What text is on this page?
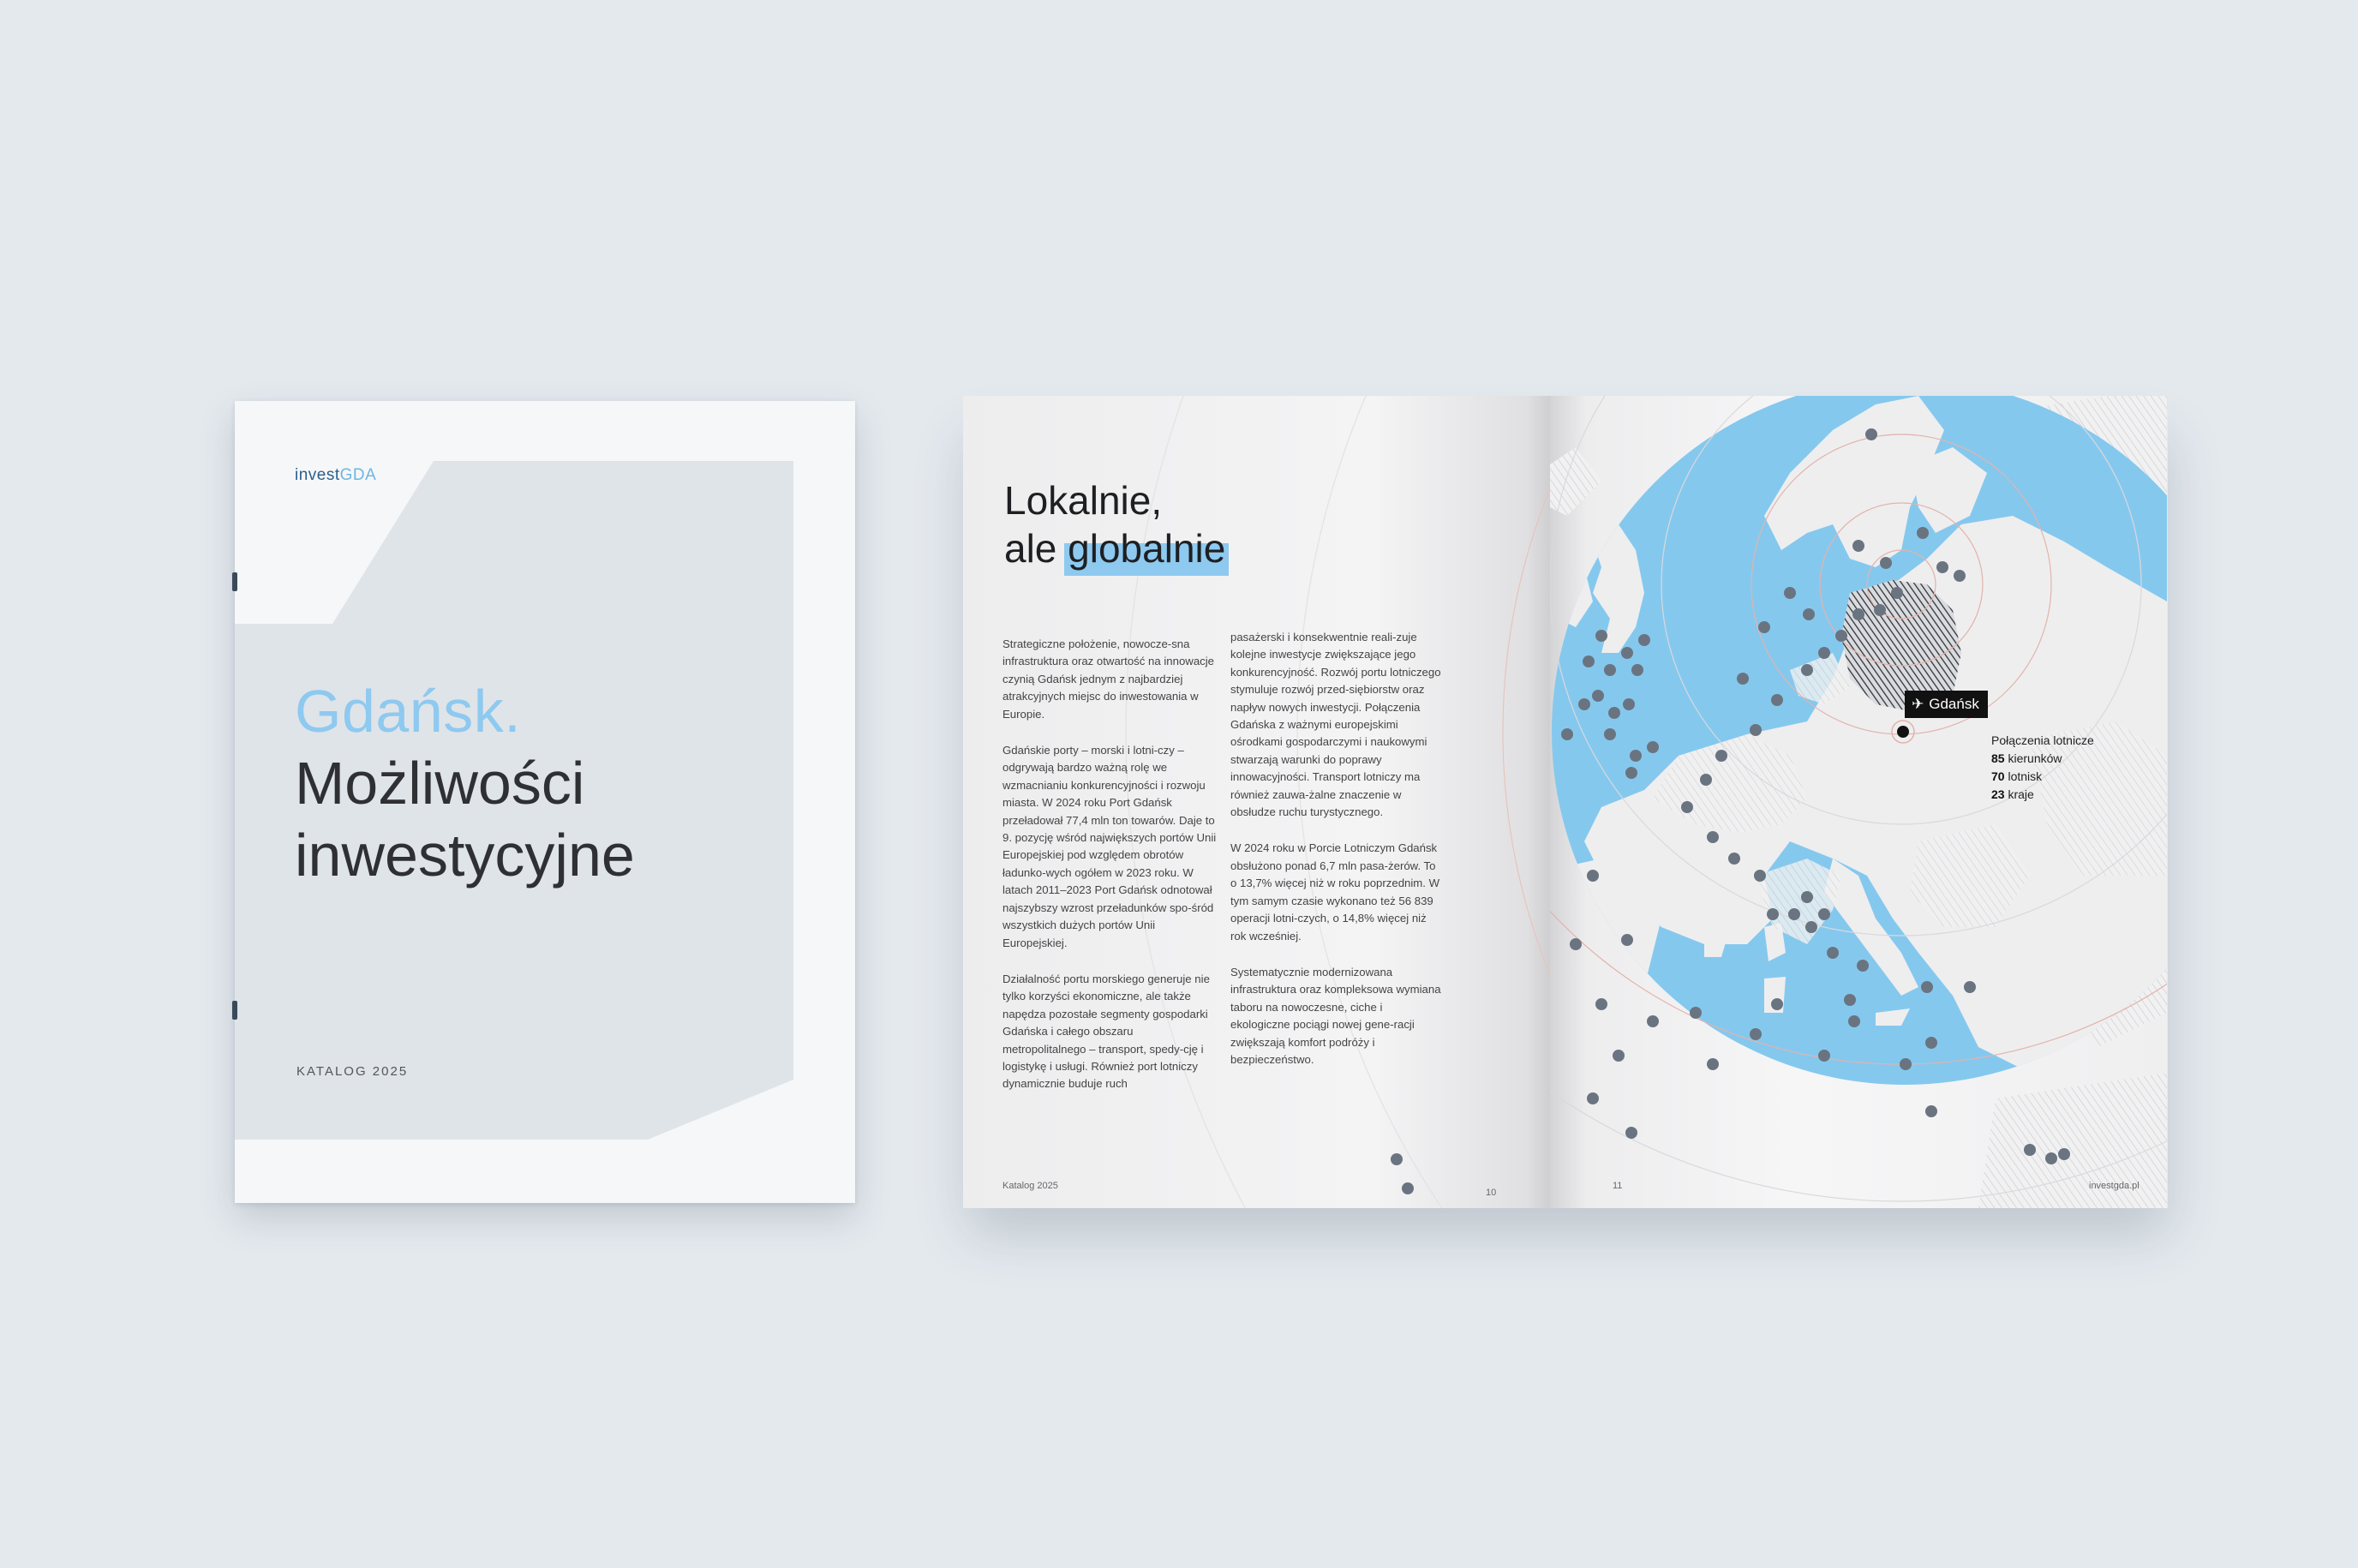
investGDA
Gdańsk.
Możliwości
inwestycyjne
KATALOG 2025
Lokalnie,
ale globalnie

Strategiczne położenie, nowocze-sna infrastruktura oraz otwartość na innowacje czynią Gdańsk jednym z najbardziej atrakcyjnych miejsc do inwestowania w Europie.

Gdańskie porty – morski i lotni-czy – odgrywają bardzo ważną rolę we wzmacnianiu konkurencyjności i rozwoju miasta. W 2024 roku Port Gdańsk przeładował 77,4 mln ton towarów. Daje to 9. pozycję wśród największych portów Unii Europejskiej pod względem obrotów ładunko-wych ogółem w 2023 roku. W latach 2011–2023 Port Gdańsk odnotował najszybszy wzrost przeładunków spo-śród wszystkich dużych portów Unii Europejskiej.

Działalność portu morskiego generuje nie tylko korzyści ekonomiczne, ale także napędza pozostałe segmenty gospodarki Gdańska i całego obszaru metropolitalnego – transport, spedy-cję i logistykę i usługi. Również port lotniczy dynamicznie buduje ruch

pasażerski i konsekwentnie reali-zuje kolejne inwestycje zwiększające jego konkurencyjność. Rozwój portu lotniczego stymuluje rozwój przed-siębiorstw oraz napływ nowych inwestycji. Połączenia Gdańska z ważnymi europejskimi ośrodkami gospodarczymi i naukowymi stwarzają warunki do poprawy innowacyjności. Transport lotniczy ma również zauwa-żalne znaczenie w obsłudze ruchu turystycznego.

W 2024 roku w Porcie Lotniczym Gdańsk obsłużono ponad 6,7 mln pasa-żerów. To o 13,7% więcej niż w roku poprzednim. W tym samym czasie wykonano też 56 839 operacji lotni-czych, o 14,8% więcej niż rok wcześniej.

Systematycznie modernizowana infrastruktura oraz kompleksowa wymiana taboru na nowoczesne, ciche i ekologiczne pociągi nowej gene-racji zwiększają komfort podróży i bezpieczeństwo.

Katalog 2025
10
✈ Gdańsk
Połączenia lotnicze
85 kierunków
70 lotnisk
23 kraje
11	investgda.pl
